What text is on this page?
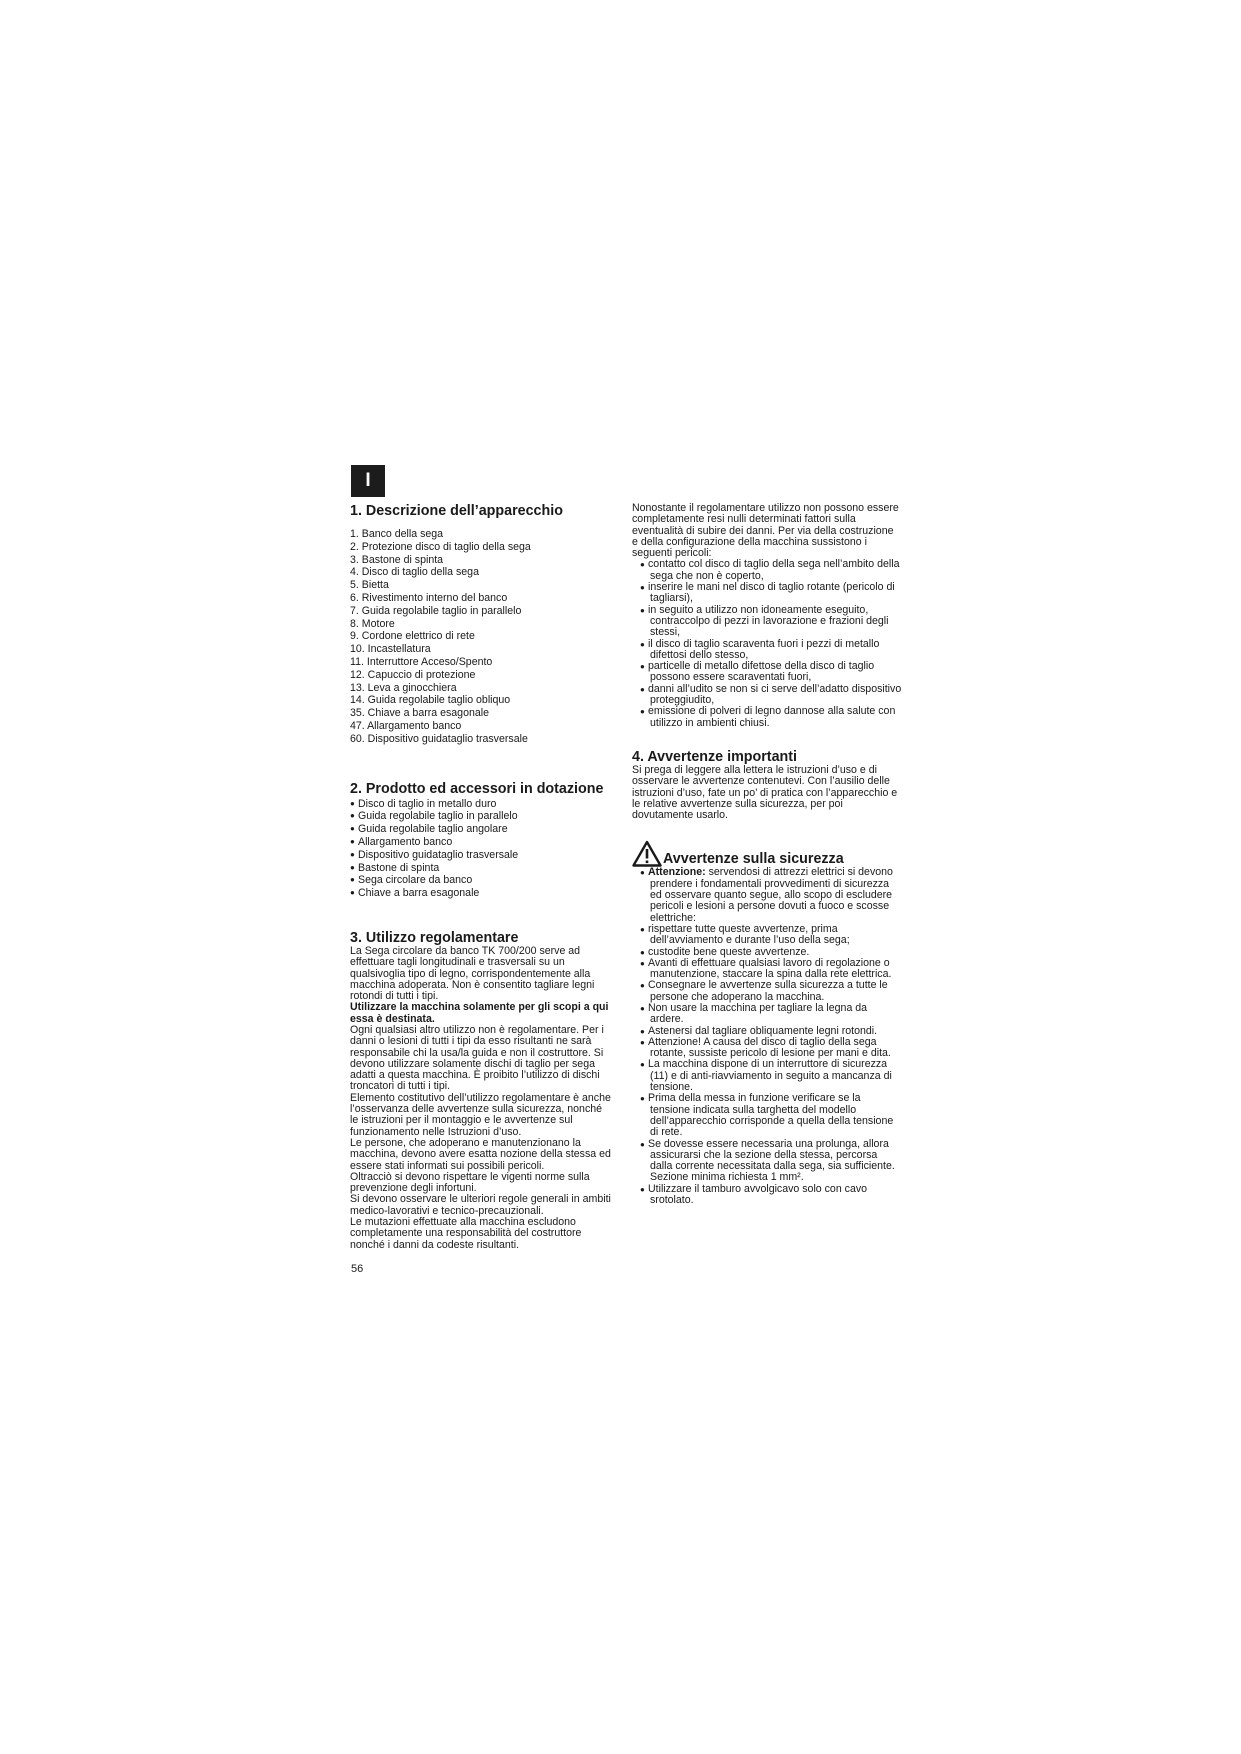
I
1. Descrizione dell’apparecchio
1. Banco della sega
2. Protezione disco di taglio della sega
3. Bastone di spinta
4. Disco di taglio della sega
5. Bietta
6. Rivestimento interno del banco
7. Guida regolabile taglio in parallelo
8. Motore
9. Cordone elettrico di rete
10. Incastellatura
11. Interruttore Acceso/Spento
12. Capuccio di protezione
13. Leva a ginocchiera
14. Guida regolabile taglio obliquo
35. Chiave a barra esagonale
47. Allargamento banco
60. Dispositivo guidataglio trasversale
2. Prodotto ed accessori in dotazione
● Disco di taglio in metallo duro
● Guida regolabile taglio in parallelo
● Guida regolabile taglio angolare
● Allargamento banco
● Dispositivo guidataglio trasversale
● Bastone di spinta
● Sega circolare da banco
● Chiave a barra esagonale
3. Utilizzo regolamentare

La Sega circolare da banco TK 700/200 serve ad effettuare tagli longitudinali e trasversali su un qualsivoglia tipo di legno, corrispondentemente alla macchina adoperata. Non è consentito tagliare legni rotondi di tutti i tipi.

Utilizzare la macchina solamente per gli scopi a qui essa è destinata.

Ogni qualsiasi altro utilizzo non è regolamentare. Per i danni o lesioni di tutti i tipi da esso risultanti ne sarà responsabile chi la usa/la guida e non il costruttore. Si devono utilizzare solamente dischi di taglio per sega adatti a questa macchina. È proibito l’utilizzo di dischi troncatori di tutti i tipi.

Elemento costitutivo dell’utilizzo regolamentare è anche l’osservanza delle avvertenze sulla sicurezza, nonché le istruzioni per il montaggio e le avvertenze sul funzionamento nelle Istruzioni d’uso.

Le persone, che adoperano e manutenzionano la macchina, devono avere esatta nozione della stessa ed essere stati informati sui possibili pericoli.

Oltracciò si devono rispettare le vigenti norme sulla prevenzione degli infortuni.

Si devono osservare le ulteriori regole generali in ambiti medico-lavorativi e tecnico-precauzionali.

Le mutazioni effettuate alla macchina escludono completamente una responsabilità del costruttore nonché i danni da codeste risultanti.

Nonostante il regolamentare utilizzo non possono essere completamente resi nulli determinati fattori sulla eventualità di subire dei danni. Per via della costruzione e della configurazione della macchina sussistono i seguenti pericoli:

● contatto col disco di taglio della sega nell’ambito della sega che non è coperto,
● inserire le mani nel disco di taglio rotante (pericolo di tagliarsi),
● in seguito a utilizzo non idoneamente eseguito, contraccolpo di pezzi in lavorazione e frazioni degli stessi,
● il disco di taglio scaraventa fuori i pezzi di metallo difettosi dello stesso,
● particelle di metallo difettose della disco di taglio possono essere scaraventati fuori,
● danni all’udito se non si ci serve dell’adatto dispositivo proteggiudito,
● emissione di polveri di legno dannose alla salute con utilizzo in ambienti chiusi.
4. Avvertenze importanti

Si prega di leggere alla lettera le istruzioni d’uso e di osservare le avvertenze contenutevi. Con l’ausilio delle istruzioni d’uso, fate un po’ di pratica con l’apparecchio e le relative avvertenze sulla sicurezza, per poi dovutamente usarlo.

Avvertenze sulla sicurezza
● Attenzione: servendosi di attrezzi elettrici si devono prendere i fondamentali provvedimenti di sicurezza ed osservare quanto segue, allo scopo di escludere pericoli e lesioni a persone dovuti a fuoco e scosse elettriche:
● rispettare tutte queste avvertenze, prima dell’avviamento e durante l’uso della sega;
● custodite bene queste avvertenze.
● Avanti di effettuare qualsiasi lavoro di regolazione o manutenzione, staccare la spina dalla rete elettrica.
● Consegnare le avvertenze sulla sicurezza a tutte le persone che adoperano la macchina.
● Non usare la macchina per tagliare la legna da ardere.
● Astenersi dal tagliare obliquamente legni rotondi.
● Attenzione! A causa del disco di taglio della sega rotante, sussiste pericolo di lesione per mani e dita.
● La macchina dispone di un interruttore di sicurezza (11) e di anti-riavviamento in seguito a mancanza di tensione.
● Prima della messa in funzione verificare se la tensione indicata sulla targhetta del modello dell’apparecchio corrisponde a quella della tensione di rete.
● Se dovesse essere necessaria una prolunga, allora assicurarsi che la sezione della stessa, percorsa dalla corrente necessitata dalla sega, sia sufficiente. Sezione minima richiesta 1 mm².
● Utilizzare il tamburo avvolgicavo solo con cavo srotolato.
56
